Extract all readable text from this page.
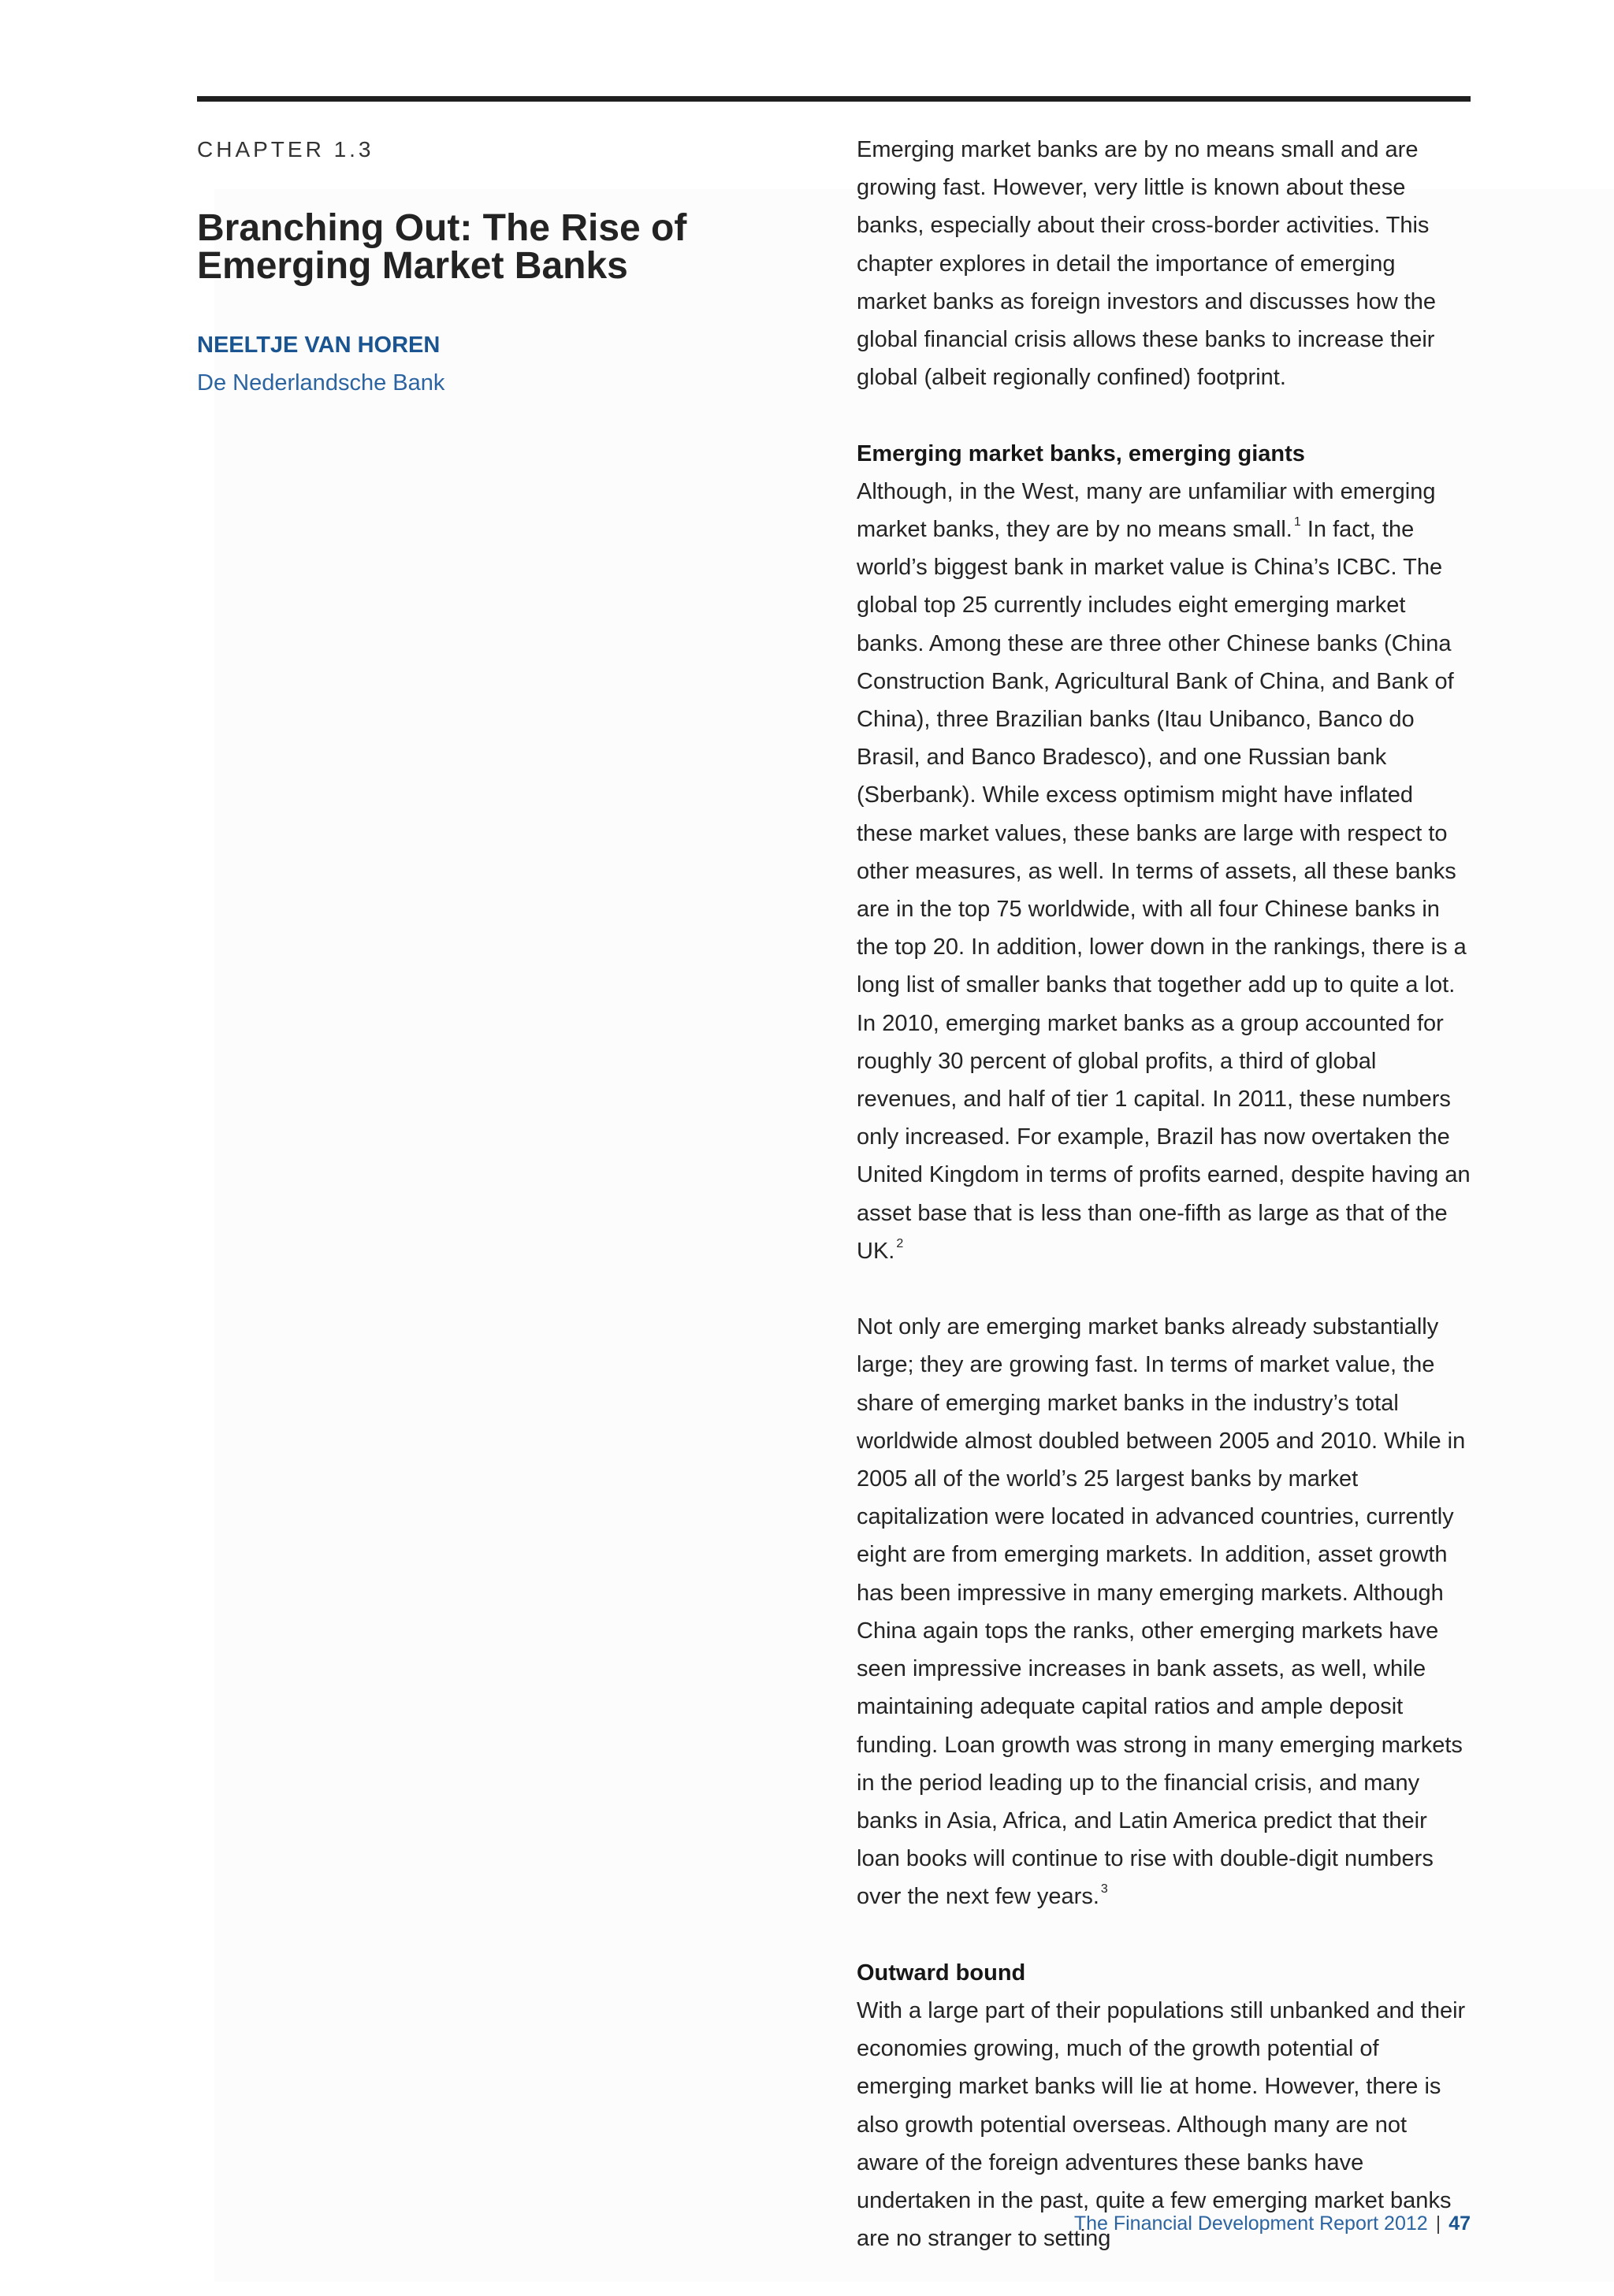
CHAPTER 1.3
Branching Out: The Rise of
Emerging Market Banks
NEELTJE VAN HOREN
De Nederlandsche Bank

Emerging market banks are by no means small and are growing fast. However, very little is known about these banks, especially about their cross-border activities. This chapter explores in detail the importance of emerging market banks as foreign investors and discusses how the global financial crisis allows these banks to increase their global (albeit regionally confined) footprint.

Emerging market banks, emerging giants

Although, in the West, many are unfamiliar with emerging market banks, they are by no means small. $^1$ In fact, the world’s biggest bank in market value is China’s ICBC. The global top 25 currently includes eight emerging market banks. Among these are three other Chinese banks (China Construction Bank, Agricultural Bank of China, and Bank of China), three Brazilian banks (Itau Unibanco, Banco do Brasil, and Banco Bradesco), and one Russian bank (Sberbank). While excess optimism might have inflated these market values, these banks are large with respect to other measures, as well. In terms of assets, all these banks are in the top 75 worldwide, with all four Chinese banks in the top 20. In addition, lower down in the rankings, there is a long list of smaller banks that together add up to quite a lot. In 2010, emerging market banks as a group accounted for roughly 30 percent of global profits, a third of global revenues, and half of tier 1 capital. In 2011, these numbers only increased. For example, Brazil has now overtaken the United Kingdom in terms of profits earned, despite having an asset base that is less than one-fifth as large as that of the UK. $^2$

Not only are emerging market banks already substantially large; they are growing fast. In terms of market value, the share of emerging market banks in the industry’s total worldwide almost doubled between 2005 and 2010. While in 2005 all of the world’s 25 largest banks by market capitalization were located in advanced countries, currently eight are from emerging markets. In addition, asset growth has been impressive in many emerging markets. Although China again tops the ranks, other emerging markets have seen impressive increases in bank assets, as well, while maintaining adequate capital ratios and ample deposit funding. Loan growth was strong in many emerging markets in the period leading up to the financial crisis, and many banks in Asia, Africa, and Latin America predict that their loan books will continue to rise with double-digit numbers over the next few years. $^3$

Outward bound

With a large part of their populations still unbanked and their economies growing, much of the growth potential of emerging market banks will lie at home. However, there is also growth potential overseas. Although many are not aware of the foreign adventures these banks have undertaken in the past, quite a few emerging market banks are no stranger to setting

The Financial Development Report 2012 | 47
